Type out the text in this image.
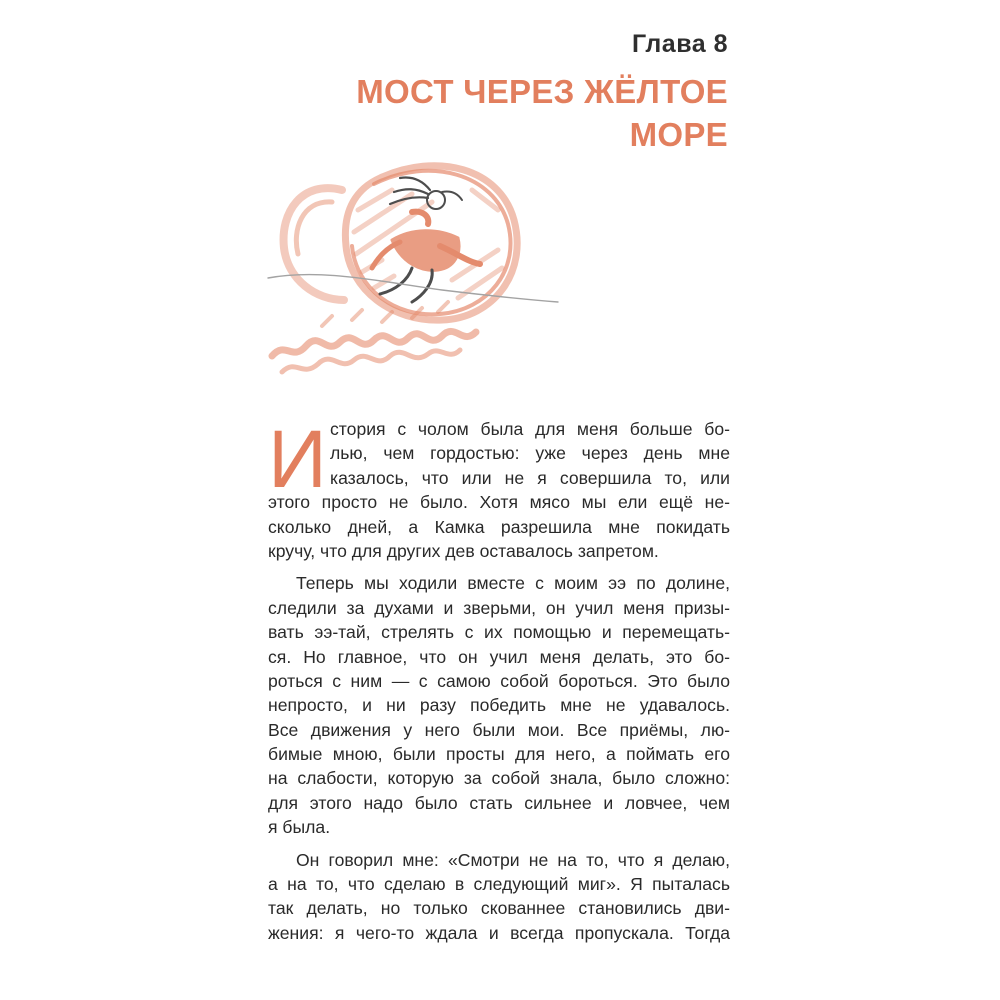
Глава 8
МОСТ ЧЕРЕЗ ЖЁЛТОЕ
МОРЕ
И стория с чолом была для меня больше бо-
лью, чем гордостью: уже через день мне
казалось, что или не я совершила то, или
этого просто не было. Хотя мясо мы ели ещё не-
сколько дней, а Камка разрешила мне покидать
кручу, что для других дев оставалось запретом.
Теперь мы ходили вместе с моим ээ по долине,
следили за духами и зверьми, он учил меня призы-
вать ээ-тай, стрелять с их помощью и перемещать-
ся. Но главное, что он учил меня делать, это бо-
роться с ним — с самою собой бороться. Это было
непросто, и ни разу победить мне не удавалось.
Все движения у него были мои. Все приёмы, лю-
бимые мною, были просты для него, а поймать его
на слабости, которую за собой знала, было сложно:
для этого надо было стать сильнее и ловчее, чем
я была.
Он говорил мне: «Смотри не на то, что я делаю,
а на то, что сделаю в следующий миг». Я пыталась
так делать, но только скованнее становились дви-
жения: я чего-то ждала и всегда пропускала. Тогда
